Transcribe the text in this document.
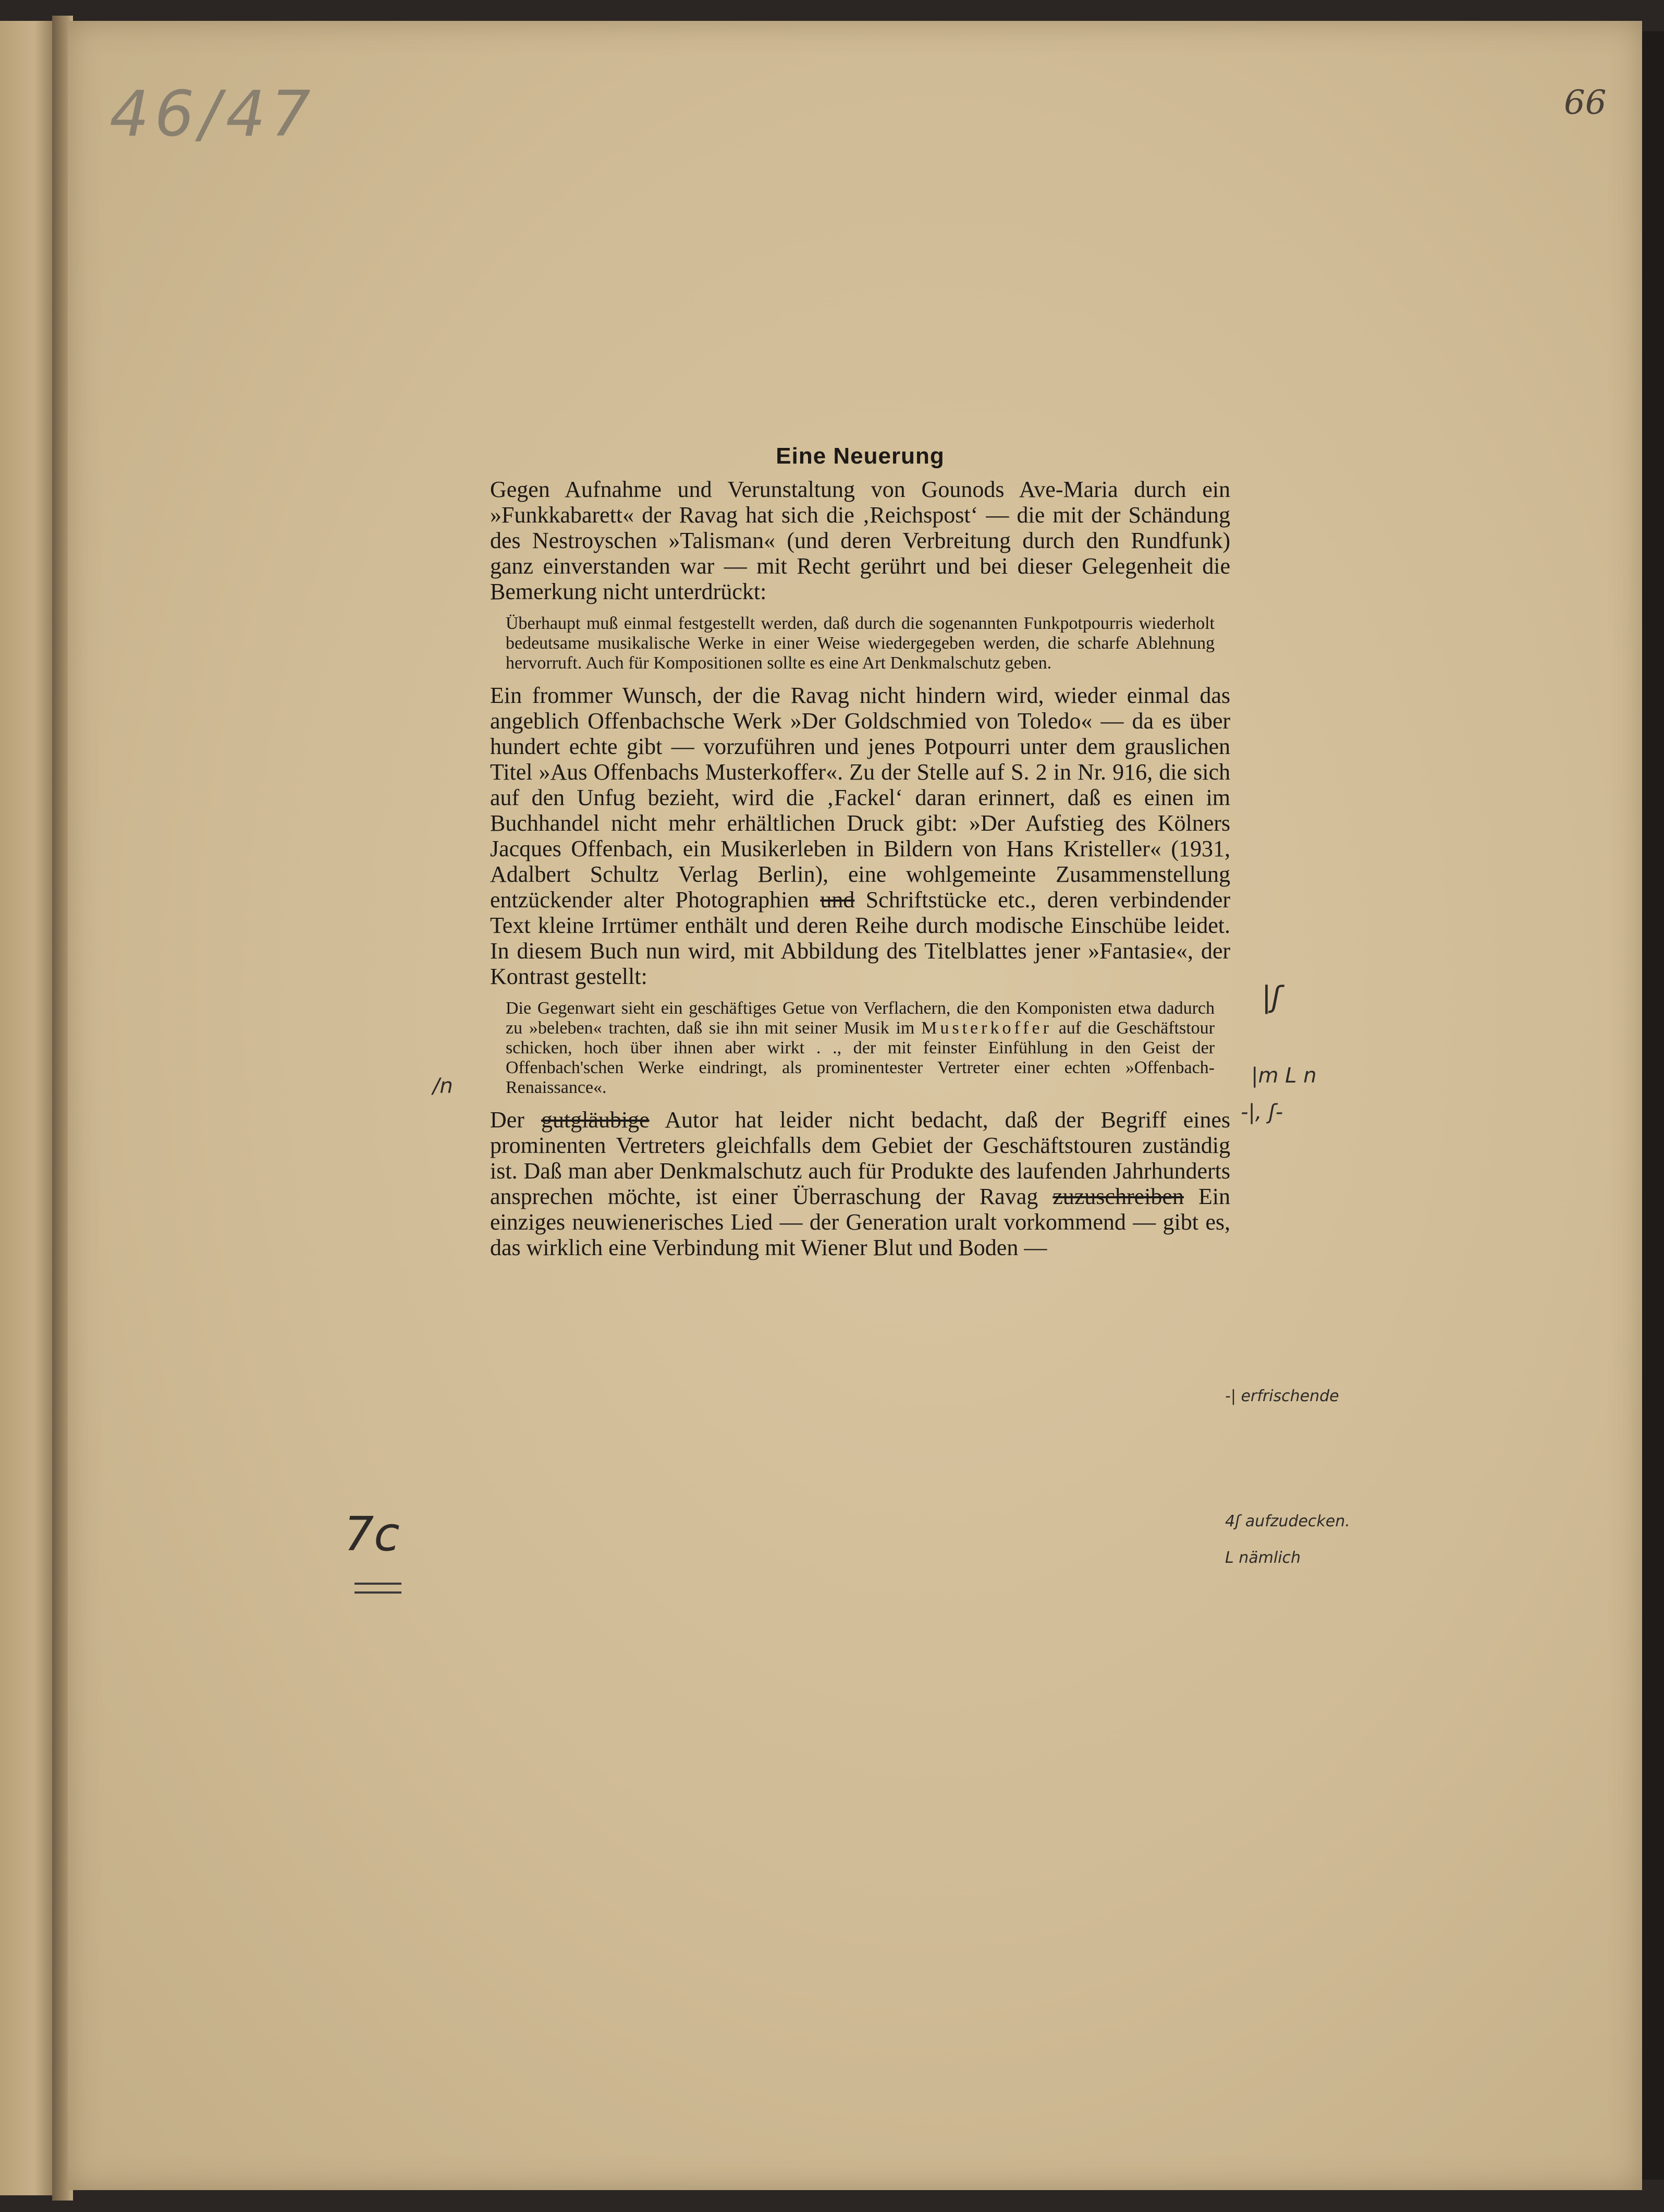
46/47	66
Eine Neuerung

Gegen Aufnahme und Verunstaltung von Gounods Ave-Maria durch ein »Funkkabarett« der Ravag hat sich die ‚Reichspost‘ — die mit der Schändung des Nestroyschen »Talisman« (und deren Verbreitung durch den Rundfunk) ganz einverstanden war — mit Recht gerührt und bei dieser Gelegenheit die Bemerkung nicht unterdrückt:

Überhaupt muß einmal festgestellt werden, daß durch die sogenannten Funkpotpourris wiederholt bedeutsame musikalische Werke in einer Weise wiedergegeben werden, die scharfe Ablehnung hervorruft. Auch für Kompositionen sollte es eine Art Denkmalschutz geben.

Ein frommer Wunsch, der die Ravag nicht hindern wird, wieder einmal das angeblich Offenbachsche Werk »Der Goldschmied von Toledo« — da es über hundert echte gibt — vorzuführen und jenes Potpourri unter dem grauslichen Titel »Aus Offenbachs Musterkoffer«. Zu der Stelle auf S. 2 in Nr. 916, die sich auf den Unfug bezieht, wird die ‚Fackel‘ daran erinnert, daß es einen im Buchhandel nicht mehr erhältlichen Druck gibt: »Der Aufstieg des Kölners Jacques Offenbach, ein Musikerleben in Bildern von Hans Kristeller« (1931, Adalbert Schultz Verlag Berlin), eine wohlgemeinte Zusammenstellung entzückender alter Photographien und Schriftstücke etc., deren verbindender Text kleine Irrtümer enthält und deren Reihe durch modische Einschübe leidet. In diesem Buch nun wird, mit Abbildung des Titelblattes jener »Fantasie«, der Kontrast gestellt:

Die Gegenwart sieht ein geschäftiges Getue von Verflachern, die den Komponisten etwa dadurch zu »beleben« trachten, daß sie ihn mit seiner Musik im Musterkoffer auf die Geschäftstour schicken, hoch über ihnen aber wirkt . ., der mit feinster Einfühlung in den Geist der Offenbach'schen Werke eindringt, als prominentester Vertreter einer echten »Offenbach-Renaissance«.

Der gutgläubige Autor hat leider nicht bedacht, daß der Begriff eines prominenten Vertreters gleichfalls dem Gebiet der Geschäftstouren zuständig ist. Daß man aber Denkmalschutz auch für Produkte des laufenden Jahrhunderts ansprechen möchte, ist einer Überraschung der Ravag zuzuschreiben Ein einziges neuwienerisches Lied — der Generation uralt vorkommend — gibt es, das wirklich eine Verbindung mit Wiener Blut und Boden —

|ʃ
|m L n
-|, ʃ-
/n
-| erfrischende
4ʃ aufzudecken.
L nämlich
7c
